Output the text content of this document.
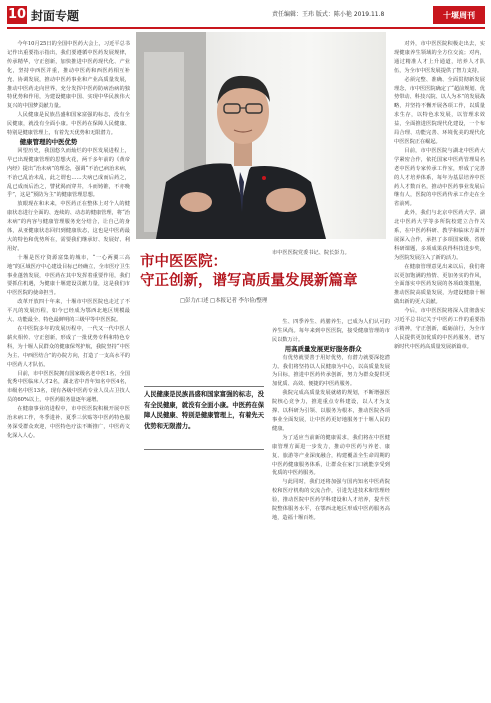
10 封面专题	责任编辑：王玮 版式：陈小艳 2019.11.8	十堰周刊

今年10月25日的全国中医药大会上，习近平总书记作出重要指示指出，我们要遵循中医药发展规律，传承精华，守正创新，加快推进中医药现代化、产业化，坚持中西医并重，推动中医药和西医药相互补充、协调发展，推动中医药事业和产业高质量发展，推动中医药走向世界，充分发挥中医药防病治病的独特优势和作用，为建设健康中国、实现中华民族伟大复兴的中国梦贡献力量。

人民健康是民族昌盛和国家富强的标志，没有全民健康，就没有全面小康。中医药在保障人民健康、特别是健康管理上，有着先天优势和无限潜力。

健康管理的中医优势

回望历史，我国悠久而灿烂的中医发展进程上，早已出现健康管理的思想火花，两千多年前的《黄帝内经》提出“治未病”的理念，强调“不治已病治未病，不治已乱治未乱，此之谓也……夫病已成而后药之，乱已成而后治之，譬犹渴而穿井，斗而铸锥，不亦晚乎”，这是“预防为主”的健康管理思想。

放眼现在和未来，中医药正在整体上对个人的健康状态进行全面的、连续的、动态的健康管理，将“治未病”的内容与健康管理服务充分结合，让自己的身体，从亚健康状态回归到健康状态，这也是中医药最大的特色和优势所在，需要我们继承好、发展好、利用好。

十堰是医疗资源富集的城市，“一心两翼三高地”的区域医疗中心建设目标已经确立，全市医疗卫生事业蓬勃发展，中医药在其中发挥着重要作用，我们要抓住机遇，为健康十堰建设贡献力量，这是我们市中医医院的使命担当。

改革开放四十年来，十堰市中医医院也走过了不平凡的发展历程，如今已经成为鄂西北地区规模最大、功能最全、特色最鲜明的三级甲等中医医院。

在中医院多年的发展历程中，一代又一代中医人薪火相传、守正创新，形成了一批优势专科和特色专科，为十堰人民群众的健康保驾护航，我院坚持“中医为主、中西医结合”的办院方向，打造了一支高水平的中医药人才队伍。

目前，市中医医院拥有国家级名老中医1名，全国优秀中医临床人才2名，湖北省中青年知名中医4名，市级名中医13名，现有各级中医药专业人员占卫技人员的60%以上，中医药服务量逐年递增。

在健康事业的进程中，市中医医院积极开展中医治未病工作，冬季进补、夏季三伏贴等中医药特色服务深受群众欢迎，中医特色疗法不断推广，中医药文化深入人心。

市中医医院党委书记、院长彭力。
市中医医院：
守正创新，谱写高质量发展新篇章
□彭力/口述 □本报记者 李尔俭/整理
人民健康是民族昌盛和国家富强的标志，没有全民健康，就没有全面小康。中医药在保障人民健康、特别是健康管理上，有着先天优势和无限潜力。

生、四季养生、药膳养生，已成为人们认可的养生风尚。每年来到中医医院，接受健康管理的市民以数万计。

用高质量发展更好服务群众

有优势就要善于用好优势，有潜力就要深挖潜力。我们将坚持以人民健康为中心，以高质量发展为目标，推进中医药传承创新，努力为群众提供更加优质、高效、便捷的中医药服务。

我院完成高质量发展就绪的规划，不断增强医院核心竞争力，推进重点专科建设，以人才为支撑、以科研为引领、以服务为根本，推动医院各项事业全面发展，让中医药更好地服务于十堰人民的健康。

为了适应当前新的健康需求，我们将在中医健康管理方面进一步发力，推动中医药与养老、康复、旅游等产业深度融合，构建覆盖全生命周期的中医药健康服务体系，让群众在家门口就能享受到优质的中医药服务。

与此同时，我们还将加强与国内知名中医药院校和医疗机构的交流合作，引进先进技术和管理经验，推动医院中医药学科建设和人才培养，提升医院整体服务水平，在鄂西北地区形成中医药服务高地，造福十堰百姓。

对外，市中医医院积极走出去，实现健康养生领域的全方位交流；对内，通过精准人才上升通道，培养人才队伍，为全市中医发展提供了智力支持。

必须完整、准确、全面贯彻新发展理念，市中医医院确定了“超前规划、优势带动、科技兴院、以人为本”的发展战略，并坚持不懈开展各项工作，以质量求生存，以特色求发展，以管理求效益，全面推进医院现代化建设，一个布局合理、功能完善、环境优美的现代化中医医院正在崛起。

目前，市中医医院与湖北中医药大学紧密合作，依托国家中医药管理局名老中医药专家传承工作室，形成了完善的人才培养体系，每年为基层培养中医药人才数百名，推动中医药事业发展后继有人，医院的中医药传承工作走在全省前列。

此外，我们与北京中医药大学、湖北中医药大学等多所院校建立合作关系，在中医药科研、教学和临床方面开展深入合作，承担了多项国家级、省级科研课题，多项成果获得科技进步奖，为医院发展注入了新的活力。

在健康管理意见出来以后，我们将以更加饱满的热情、更加务实的作风，全面落实中医药发展的各项政策措施，推动医院高质量发展，为建设健康十堰做出新的更大贡献。

今后，市中医医院将深入贯彻落实习近平总书记关于中医药工作的重要指示精神，守正创新，砥砺前行，为全市人民提供更加优质的中医药服务，谱写新时代中医药高质量发展新篇章。
